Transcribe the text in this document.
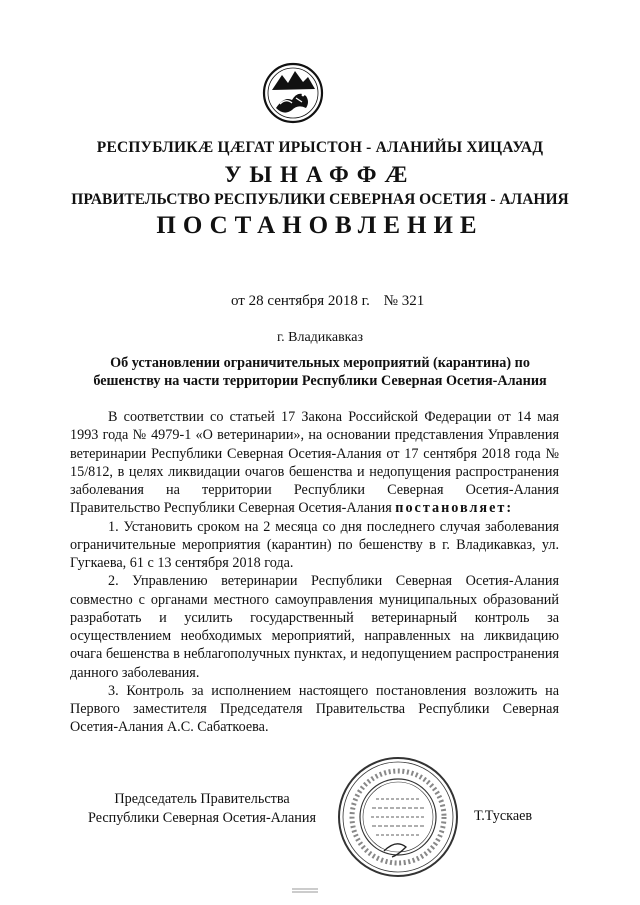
РЕСПУБЛИКӔ ЦӔГАТ ИРЫСТОН - АЛАНИЙЫ ХИЦАУАД
УЫНАФФӔ
ПРАВИТЕЛЬСТВО РЕСПУБЛИКИ СЕВЕРНАЯ ОСЕТИЯ - АЛАНИЯ
ПОСТАНОВЛЕНИЕ
от 28 сентября 2018 г. № 321
г. Владикавказ
Об установлении ограничительных мероприятий (карантина) по бешенству на части территории Республики Северная Осетия-Алания

В соответствии со статьей 17 Закона Российской Федерации от 14 мая 1993 года № 4979-1 «О ветеринарии», на основании представления Управления ветеринарии Республики Северная Осетия-Алания от 17 сентября 2018 года № 15/812, в целях ликвидации очагов бешенства и недопущения распространения заболевания на территории Республики Северная Осетия-Алания Правительство Республики Северная Осетия-Алания постановляет:

1. Установить сроком на 2 месяца со дня последнего случая заболевания ограничительные мероприятия (карантин) по бешенству в г. Владикавказ, ул. Гугкаева, 61 с 13 сентября 2018 года.

2. Управлению ветеринарии Республики Северная Осетия-Алания совместно с органами местного самоуправления муниципальных образований разработать и усилить государственный ветеринарный контроль за осуществлением необходимых мероприятий, направленных на ликвидацию очага бешенства в неблагополучных пунктах, и недопущением распространения данного заболевания.

3. Контроль за исполнением настоящего постановления возложить на Первого заместителя Председателя Правительства Республики Северная Осетия-Алания А.С. Сабаткоева.

Председатель Правительства
Республики Северная Осетия-Алания	Т.Тускаев
